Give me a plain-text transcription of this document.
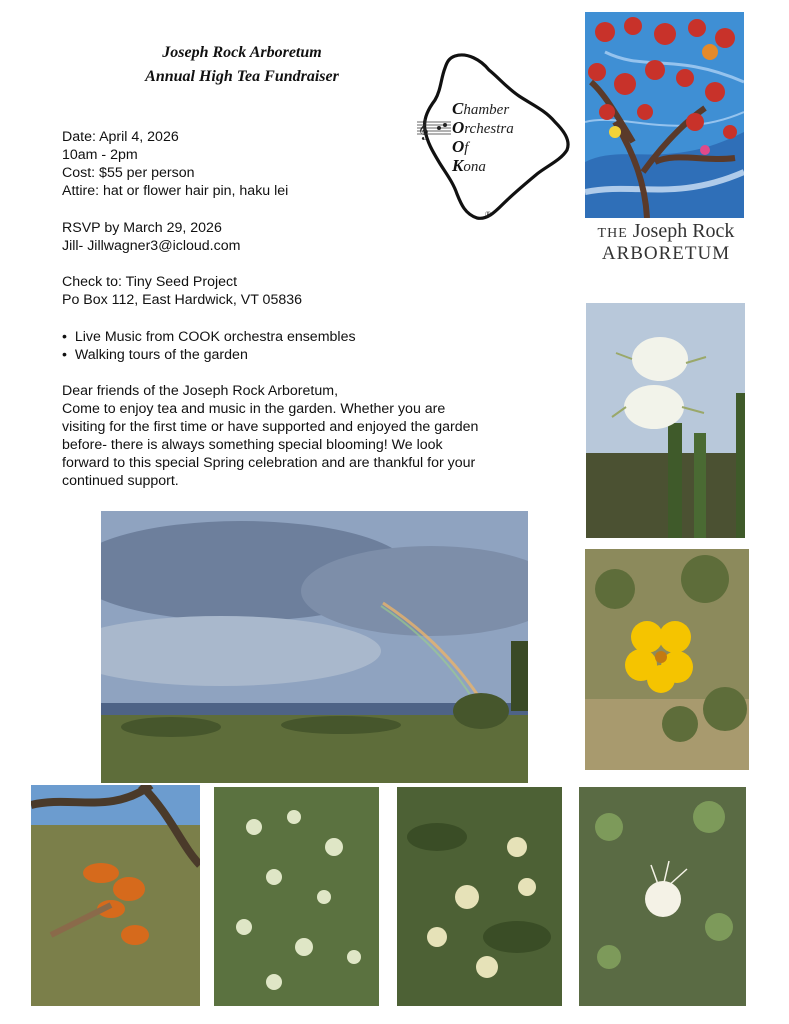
Joseph Rock Arboretum
Annual High Tea Fundraiser
Date: April 4, 2026
10am - 2pm
Cost: $55 per person
Attire: hat or flower hair pin, haku lei
RSVP by March 29, 2026
Jill- Jillwagner3@icloud.com
Check to: Tiny Seed Project
Po Box 112, East Hardwick, VT 05836
•  Live Music from COOK orchestra ensembles
•  Walking tours of the garden
Dear friends of the Joseph Rock Arboretum,
Come to enjoy tea and music in the garden. Whether you are visiting for the first time or have supported and enjoyed the garden before- there is always something special blooming! We look forward to this special Spring celebration and are thankful for your continued support.
𝄞
Chamber
Orchestra
Of
Kona
®
THE Joseph Rock
ARBORETUM
